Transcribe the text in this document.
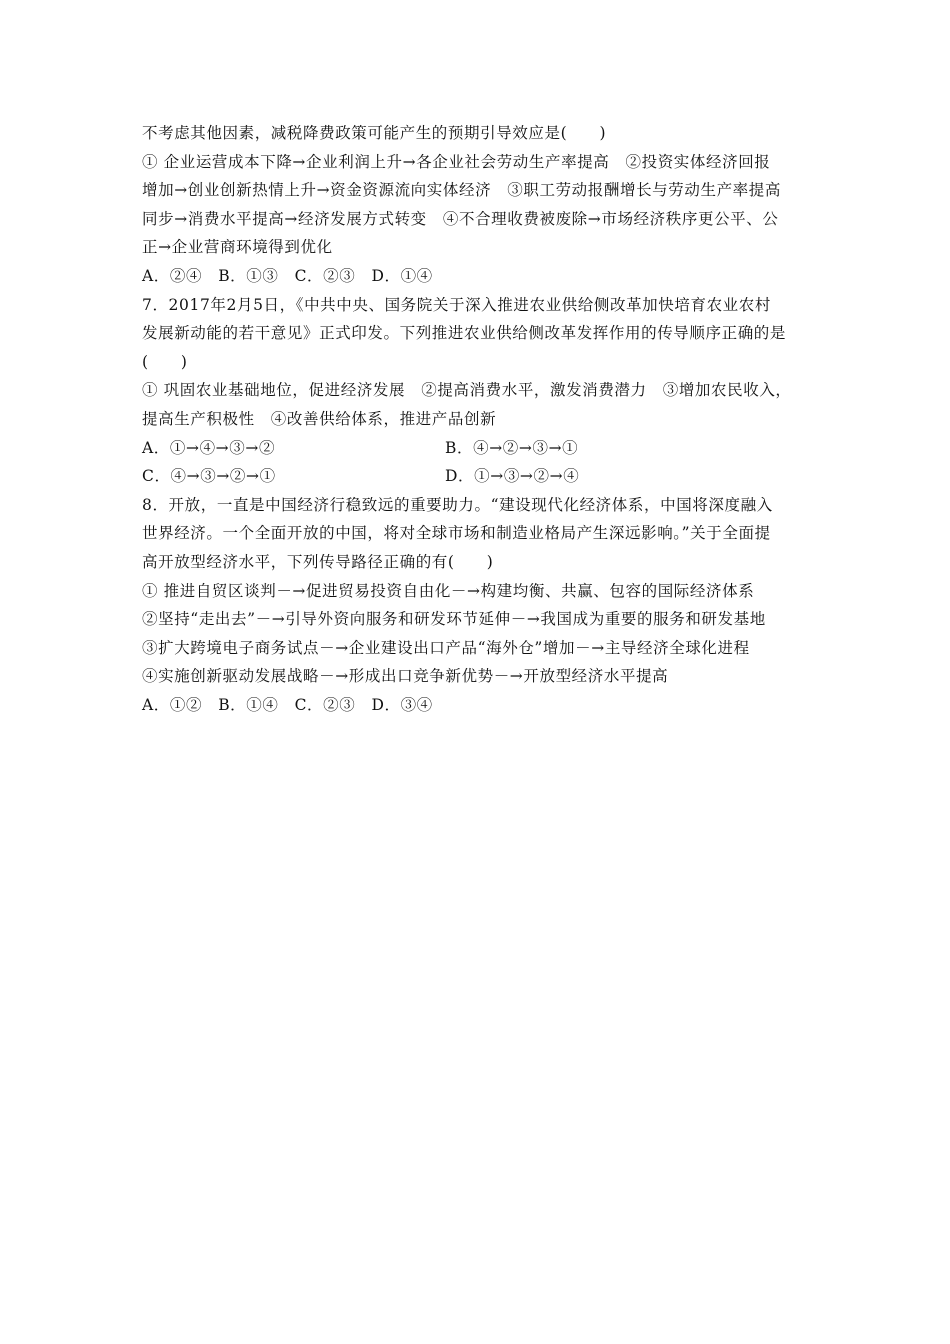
不考虑其他因素，减税降费政策可能产生的预期引导效应是(　　)
① 企业运营成本下降→企业利润上升→各企业社会劳动生产率提高　②投资实体经济回报
增加→创业创新热情上升→资金资源流向实体经济　③职工劳动报酬增长与劳动生产率提高
同步→消费水平提高→经济发展方式转变　④不合理收费被废除→市场经济秩序更公平、公
正→企业营商环境得到优化
A．②④　B．①③　C．②③　D．①④
7．2017年2月5日，《中共中央、国务院关于深入推进农业供给侧改革加快培育农业农村
发展新动能的若干意见》正式印发。下列推进农业供给侧改革发挥作用的传导顺序正确的是
(　　)
① 巩固农业基础地位，促进经济发展　②提高消费水平，激发消费潜力　③增加农民收入，
提高生产积极性　④改善供给体系，推进产品创新
A．①→④→③→②	B．④→②→③→①
C．④→③→②→①	D．①→③→②→④
8．开放，一直是中国经济行稳致远的重要助力。“建设现代化经济体系，中国将深度融入
世界经济。一个全面开放的中国，将对全球市场和制造业格局产生深远影响。”关于全面提
高开放型经济水平，下列传导路径正确的有(　　)
① 推进自贸区谈判－→促进贸易投资自由化－→构建均衡、共赢、包容的国际经济体系
②坚持“走出去”－→引导外资向服务和研发环节延伸－→我国成为重要的服务和研发基地
③扩大跨境电子商务试点－→企业建设出口产品“海外仓”增加－→主导经济全球化进程
④实施创新驱动发展战略－→形成出口竞争新优势－→开放型经济水平提高
A．①②　B．①④　C．②③　D．③④
